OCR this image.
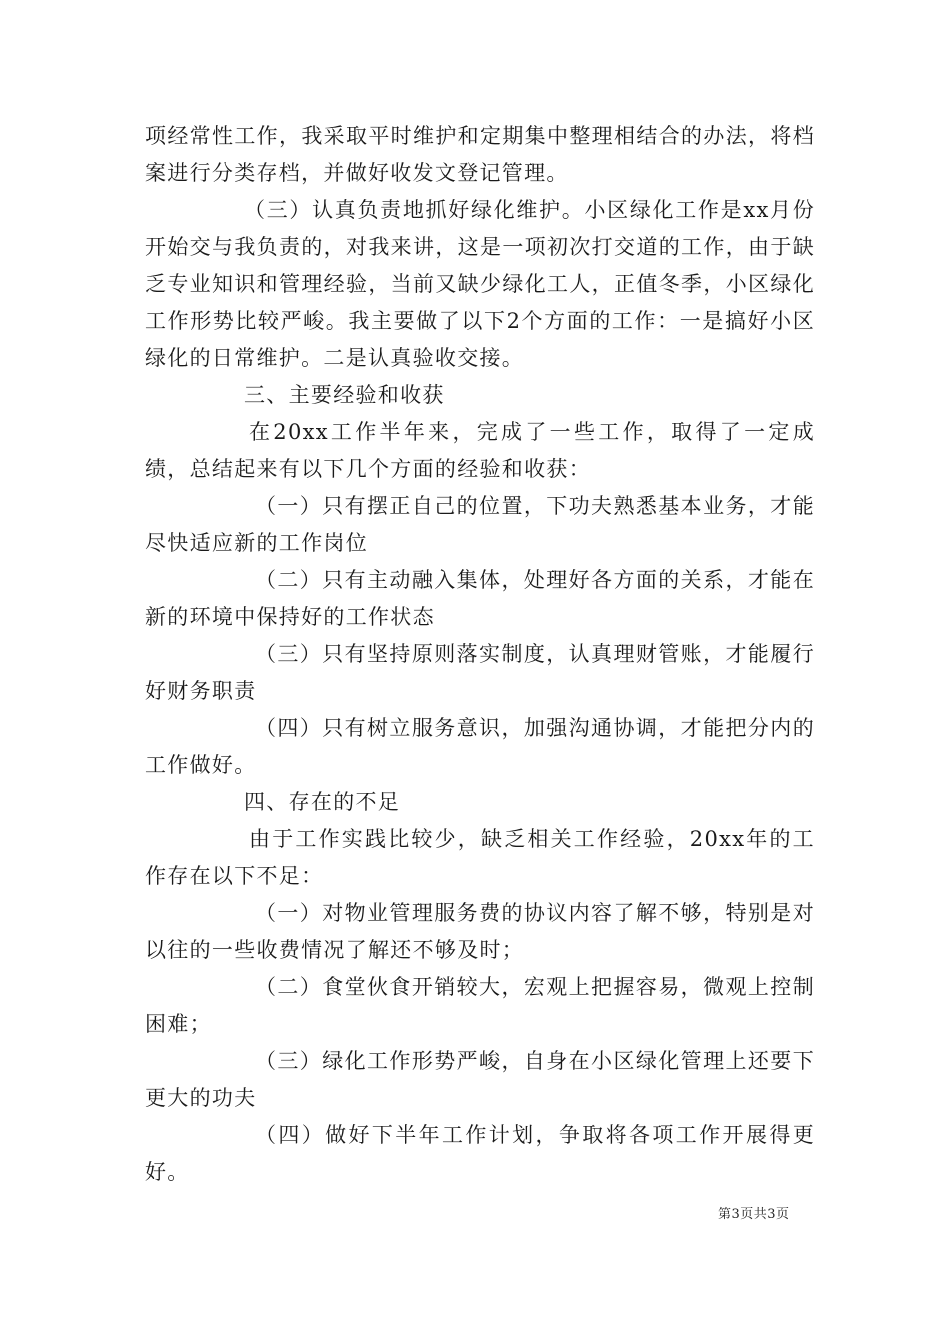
项经常性工作，我采取平时维护和定期集中整理相结合的办法，将档案进行分类存档，并做好收发文登记管理。

（三）认真负责地抓好绿化维护。小区绿化工作是xx月份开始交与我负责的，对我来讲，这是一项初次打交道的工作，由于缺乏专业知识和管理经验，当前又缺少绿化工人，正值冬季，小区绿化工作形势比较严峻。我主要做了以下2个方面的工作：一是搞好小区绿化的日常维护。二是认真验收交接。

三、主要经验和收获

在20xx工作半年来，完成了一些工作，取得了一定成绩，总结起来有以下几个方面的经验和收获：

（一）只有摆正自己的位置，下功夫熟悉基本业务，才能尽快适应新的工作岗位

（二）只有主动融入集体，处理好各方面的关系，才能在新的环境中保持好的工作状态

（三）只有坚持原则落实制度，认真理财管账，才能履行好财务职责

（四）只有树立服务意识，加强沟通协调，才能把分内的工作做好。

四、存在的不足

由于工作实践比较少，缺乏相关工作经验，20xx年的工作存在以下不足：

（一）对物业管理服务费的协议内容了解不够，特别是对以往的一些收费情况了解还不够及时；

（二）食堂伙食开销较大，宏观上把握容易，微观上控制困难；

（三）绿化工作形势严峻，自身在小区绿化管理上还要下更大的功夫

（四）做好下半年工作计划，争取将各项工作开展得更好。

第3页共3页
